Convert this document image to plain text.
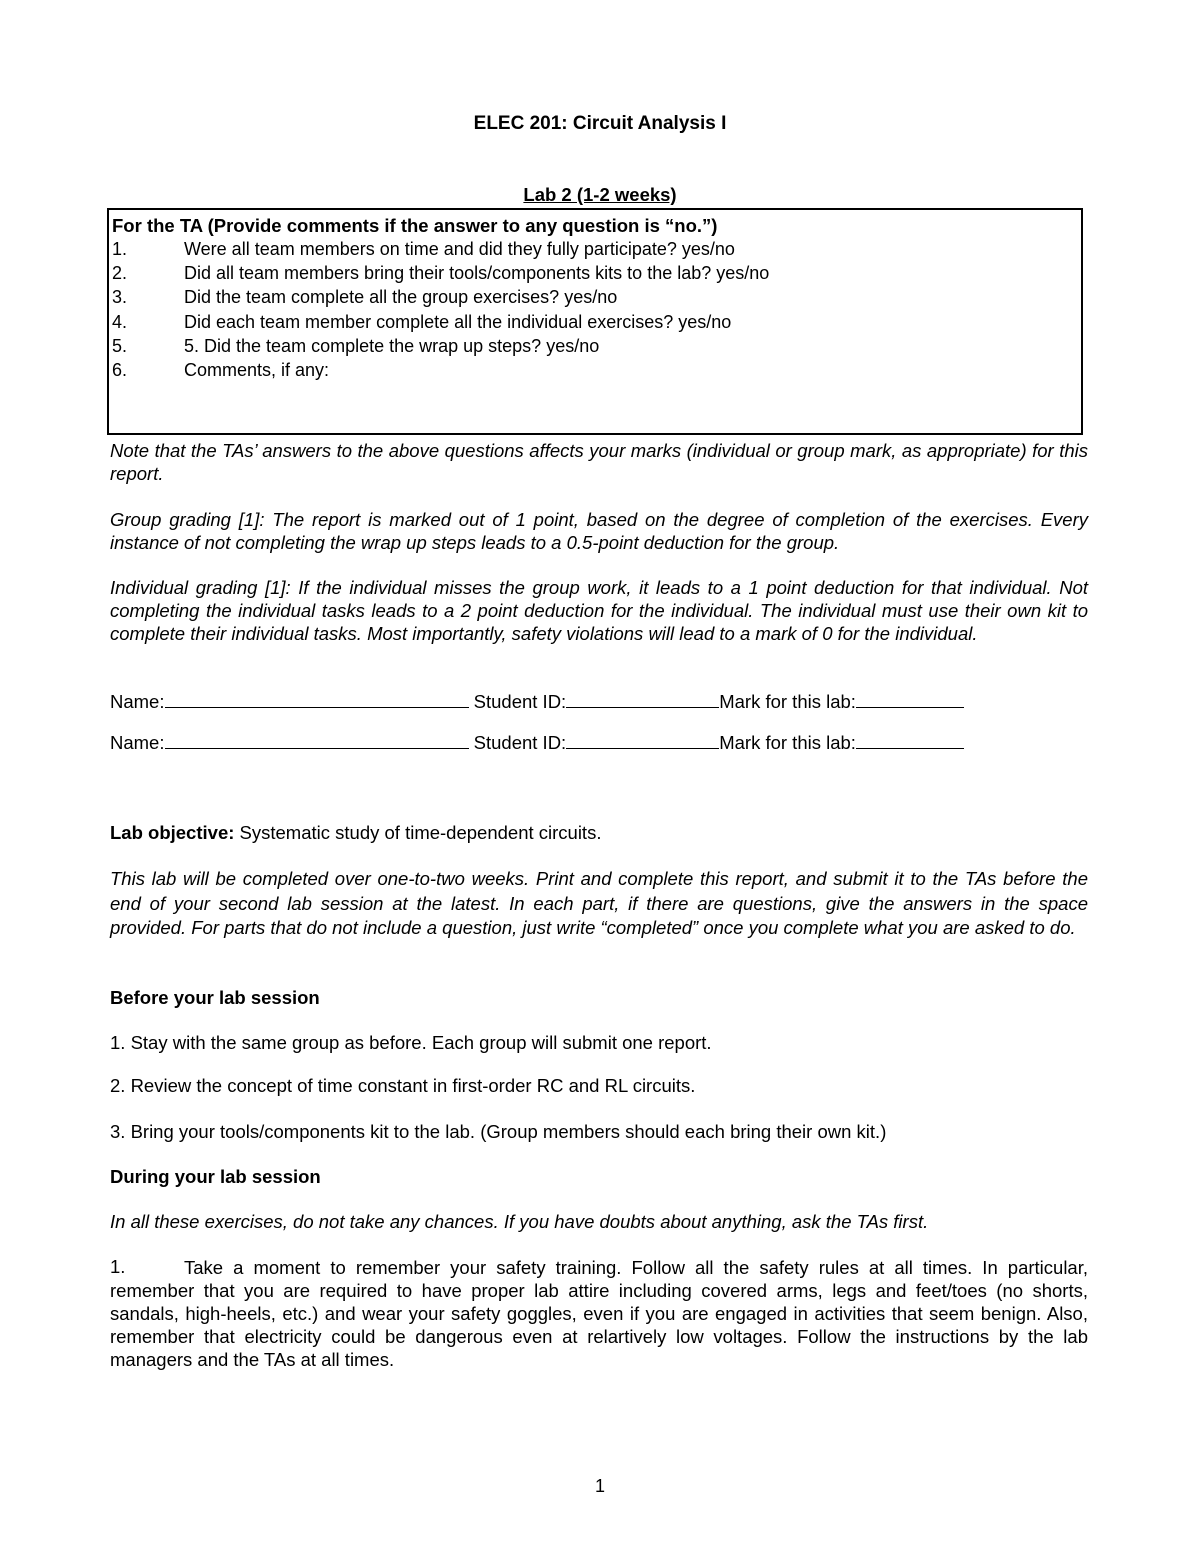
ELEC 201: Circuit Analysis I
Lab 2 (1-2 weeks)
For the TA (Provide comments if the answer to any question is “no.”)
1.	Were all team members on time and did they fully participate? yes/no
2.	Did all team members bring their tools/components kits to the lab? yes/no
3.	Did the team complete all the group exercises? yes/no
4.	Did each team member complete all the individual exercises? yes/no
5.	5. Did the team complete the wrap up steps? yes/no
6.	Comments, if any:
Note that the TAs’ answers to the above questions affects your marks (individual or group mark, as appropriate) for this report.
Group grading [1]: The report is marked out of 1 point, based on the degree of completion of the exercises. Every instance of not completing the wrap up steps leads to a 0.5-point deduction for the group.
Individual grading [1]: If the individual misses the group work, it leads to a 1 point deduction for that individual. Not completing the individual tasks leads to a 2 point deduction for the individual. The individual must use their own kit to complete their individual tasks. Most importantly, safety violations will lead to a mark of 0 for the individual.
Name:	Student ID:	Mark for this lab:
Name:	Student ID:	Mark for this lab:
Lab objective: Systematic study of time-dependent circuits.
This lab will be completed over one-to-two weeks. Print and complete this report, and submit it to the TAs before the end of your second lab session at the latest. In each part, if there are questions, give the answers in the space provided. For parts that do not include a question, just write “completed” once you complete what you are asked to do.
Before your lab session
1. Stay with the same group as before. Each group will submit one report.
2. Review the concept of time constant in first-order RC and RL circuits.
3. Bring your tools/components kit to the lab. (Group members should each bring their own kit.)
During your lab session
In all these exercises, do not take any chances. If you have doubts about anything, ask the TAs first.
1.	Take a moment to remember your safety training. Follow all the safety rules at all times. In particular, remember that you are required to have proper lab attire including covered arms, legs and feet/toes (no shorts, sandals, high-heels, etc.) and wear your safety goggles, even if you are engaged in activities that seem benign. Also, remember that electricity could be dangerous even at relartively low voltages. Follow the instructions by the lab managers and the TAs at all times.
1
